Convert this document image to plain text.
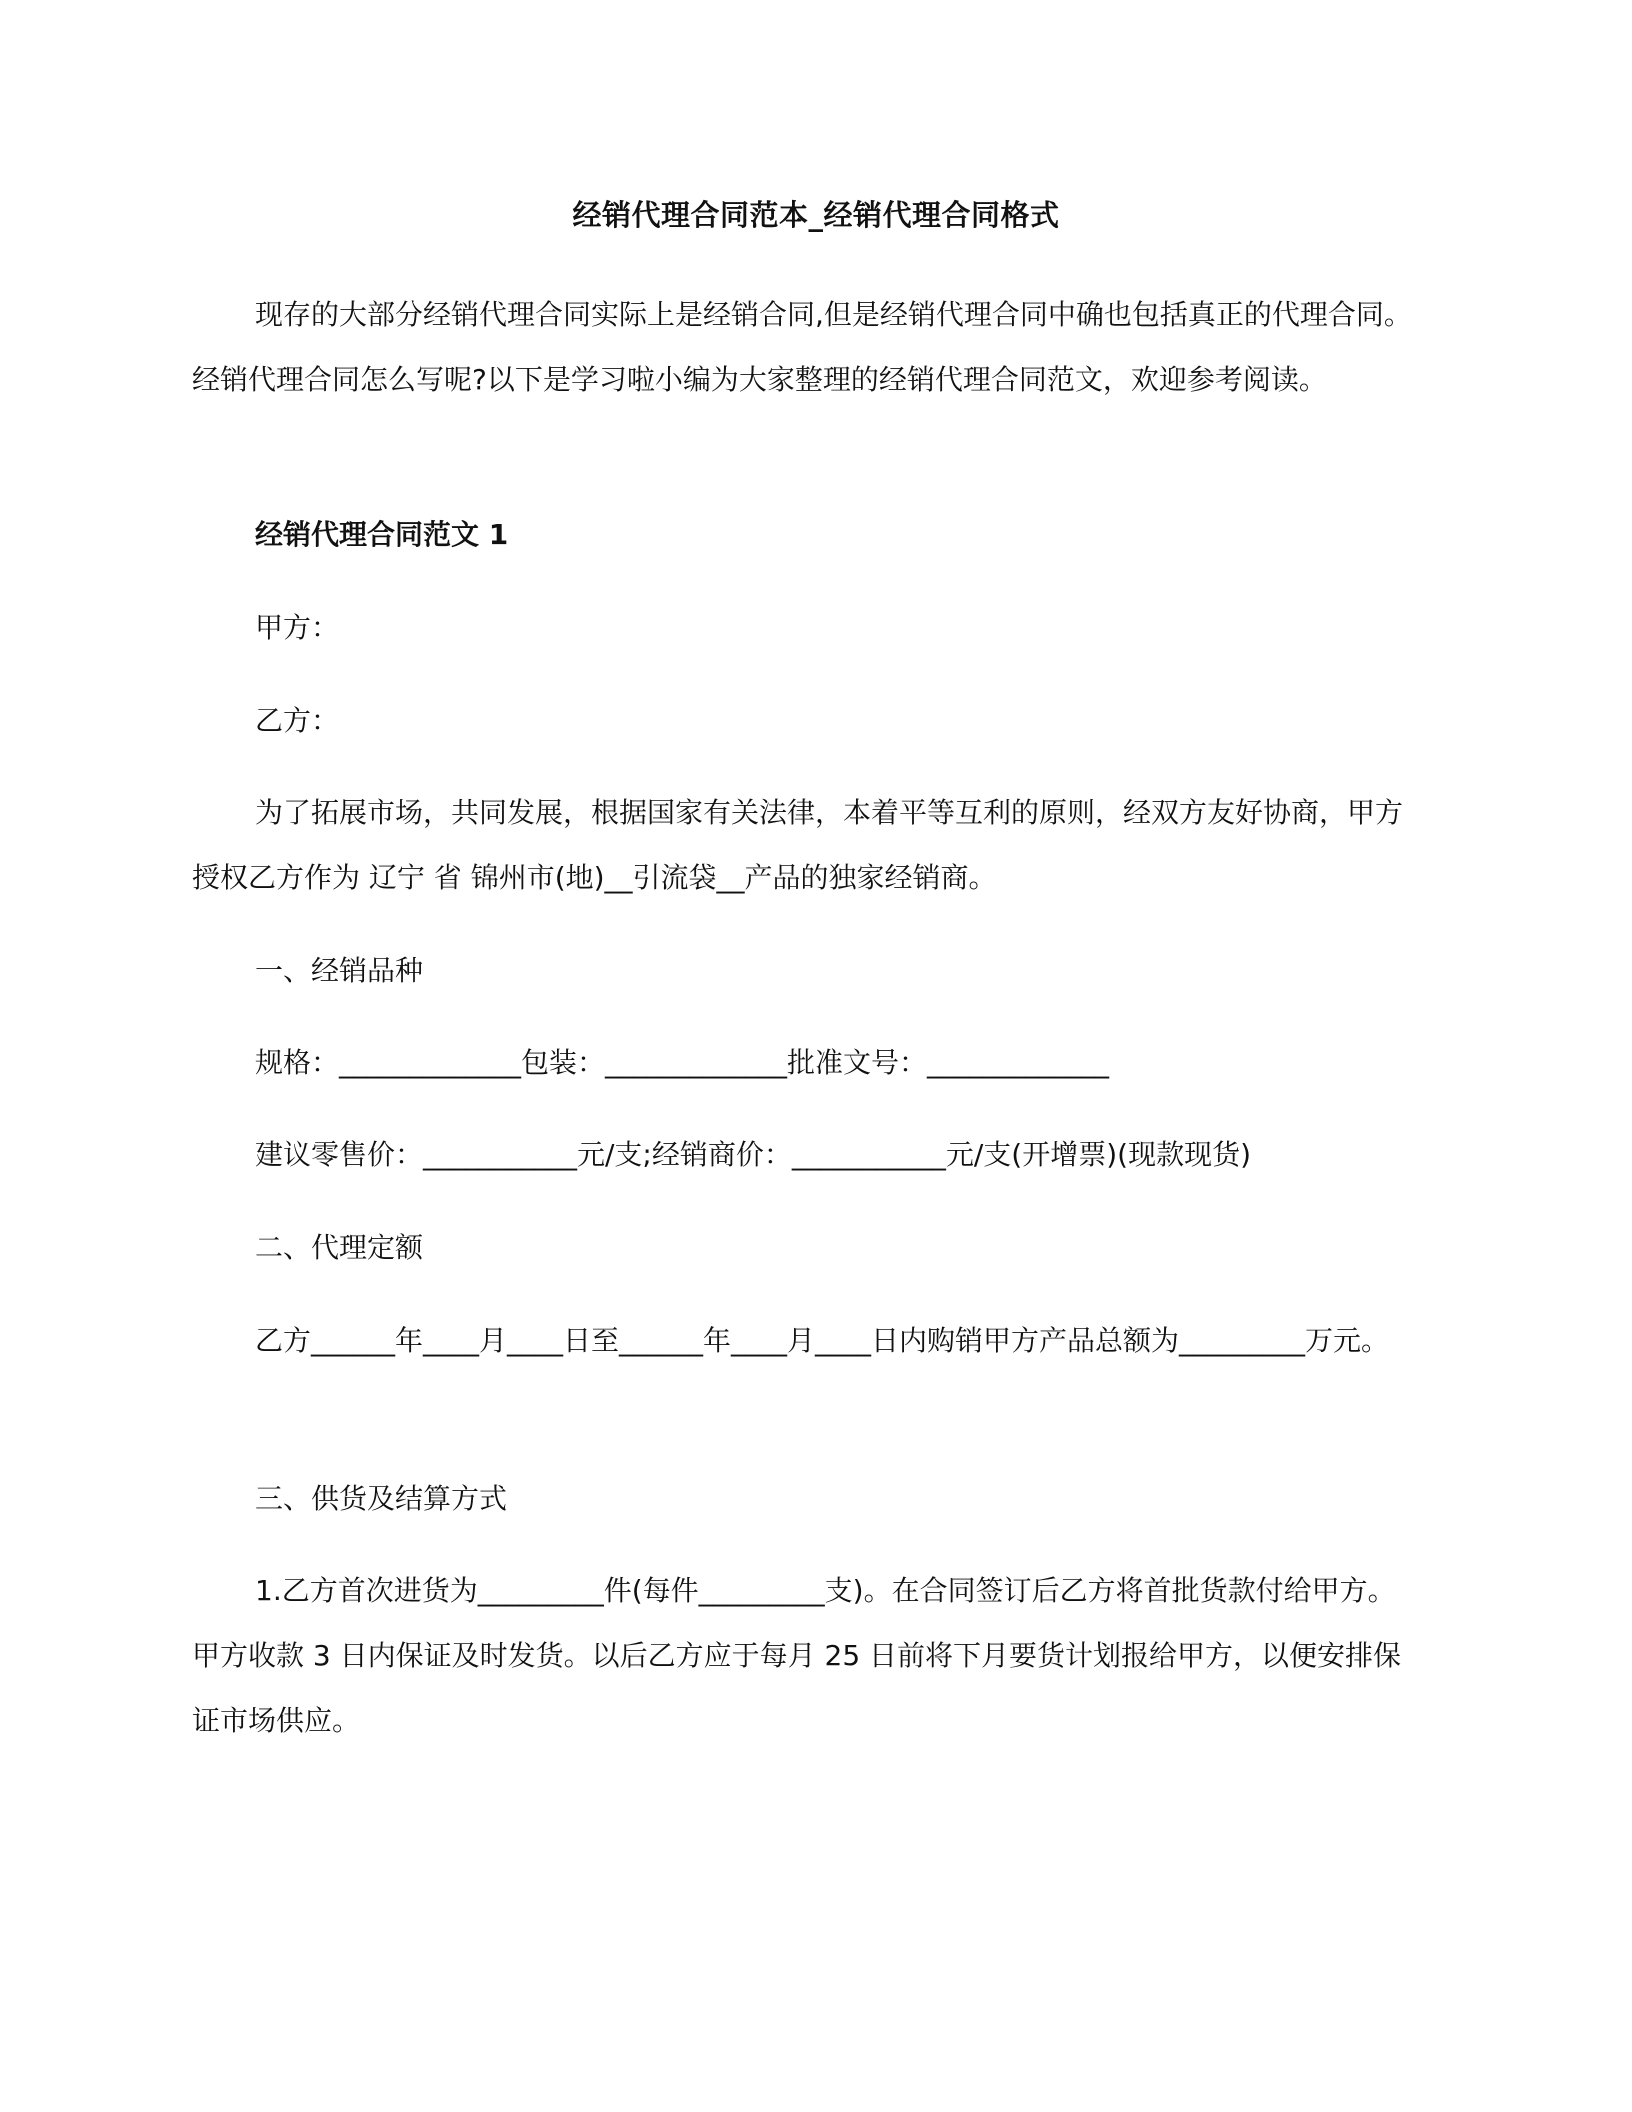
经销代理合同范本_经销代理合同格式
现存的大部分经销代理合同实际上是经销合同,但是经销代理合同中确也包括真正的代理合同。经销代理合同怎么写呢?以下是学习啦小编为大家整理的经销代理合同范文，欢迎参考阅读。
经销代理合同范文 1
甲方：
乙方：
为了拓展市场，共同发展，根据国家有关法律，本着平等互利的原则，经双方友好协商，甲方授权乙方作为 辽宁 省 锦州市(地)__引流袋__产品的独家经销商。
一、经销品种
规格：_____________包装：_____________批准文号：_____________
建议零售价：___________元/支;经销商价：___________元/支(开增票)(现款现货)
二、代理定额
乙方______年____月____日至______年____月____日内购销甲方产品总额为_________万元。
三、供货及结算方式
1.乙方首次进货为_________件(每件_________支)。在合同签订后乙方将首批货款付给甲方。甲方收款 3 日内保证及时发货。以后乙方应于每月 25 日前将下月要货计划报给甲方，以便安排保证市场供应。
